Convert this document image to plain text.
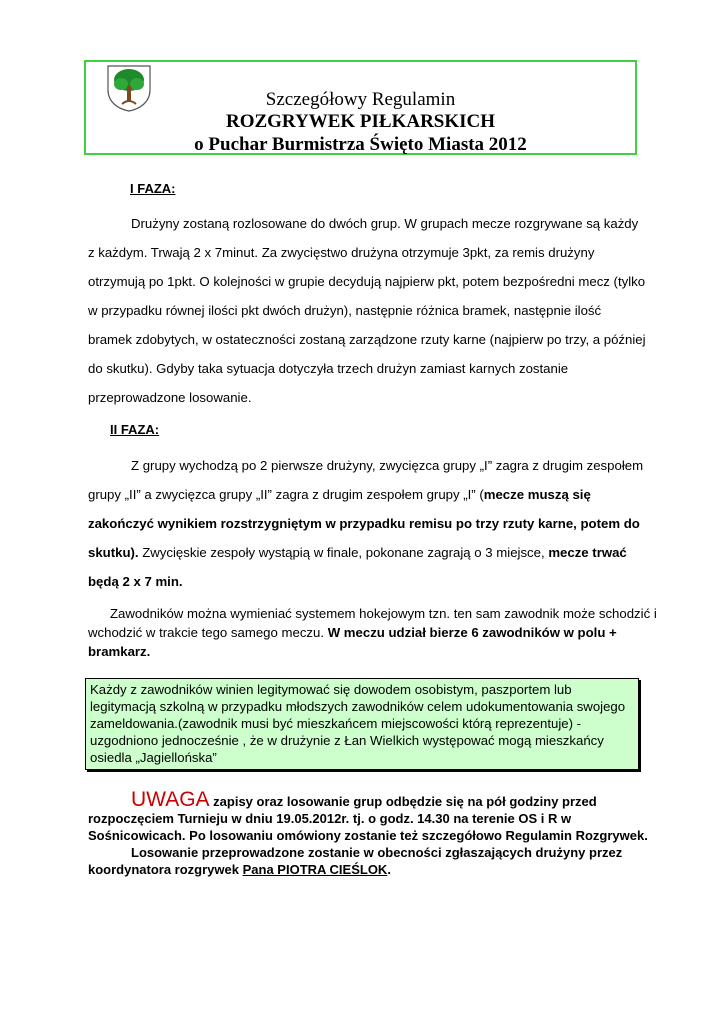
Szczegółowy Regulamin
ROZGRYWEK PIŁKARSKICH
o Puchar Burmistrza Święto Miasta 2012
I FAZA:
Drużyny zostaną rozlosowane do dwóch grup. W grupach mecze rozgrywane są każdy z każdym. Trwają 2 x 7minut. Za zwycięstwo drużyna otrzymuje 3pkt, za remis drużyny otrzymują po 1pkt. O kolejności w grupie decydują najpierw pkt, potem bezpośredni mecz (tylko w przypadku równej ilości pkt dwóch drużyn), następnie różnica bramek, następnie ilość bramek zdobytych, w ostateczności zostaną zarządzone rzuty karne (najpierw po trzy, a później do skutku). Gdyby taka sytuacja dotyczyła trzech drużyn zamiast karnych zostanie przeprowadzone losowanie.
II FAZA:
Z grupy wychodzą po 2 pierwsze drużyny, zwycięzca grupy „I” zagra z drugim zespołem grupy „II” a zwycięzca grupy „II” zagra z drugim zespołem grupy „I” (mecze muszą się zakończyć wynikiem rozstrzygniętym w przypadku remisu po trzy rzuty karne, potem do skutku). Zwycięskie zespoły wystąpią w finale, pokonane zagrają o 3 miejsce, mecze trwać będą 2 x 7 min.
Zawodników można wymieniać systemem hokejowym tzn. ten sam zawodnik może schodzić i wchodzić w trakcie tego samego meczu. W meczu udział bierze 6 zawodników w polu + bramkarz.
Każdy z zawodników winien legitymować się dowodem osobistym, paszportem lub legitymacją szkolną w przypadku młodszych zawodników celem udokumentowania swojego zameldowania.(zawodnik musi być mieszkańcem miejscowości którą reprezentuje) - uzgodniono jednocześnie , że w drużynie z Łan Wielkich występować mogą mieszkańcy osiedla „Jagiellońska”
UWAGA zapisy oraz losowanie grup odbędzie się na pół godziny przed rozpoczęciem Turnieju w dniu 19.05.2012r. tj. o godz. 14.30 na terenie OS i R w Sośnicowicach. Po losowaniu omówiony zostanie też szczegółowo Regulamin Rozgrywek.
Losowanie przeprowadzone zostanie w obecności zgłaszających drużyny przez koordynatora rozgrywek Pana PIOTRA CIEŚLOK.
